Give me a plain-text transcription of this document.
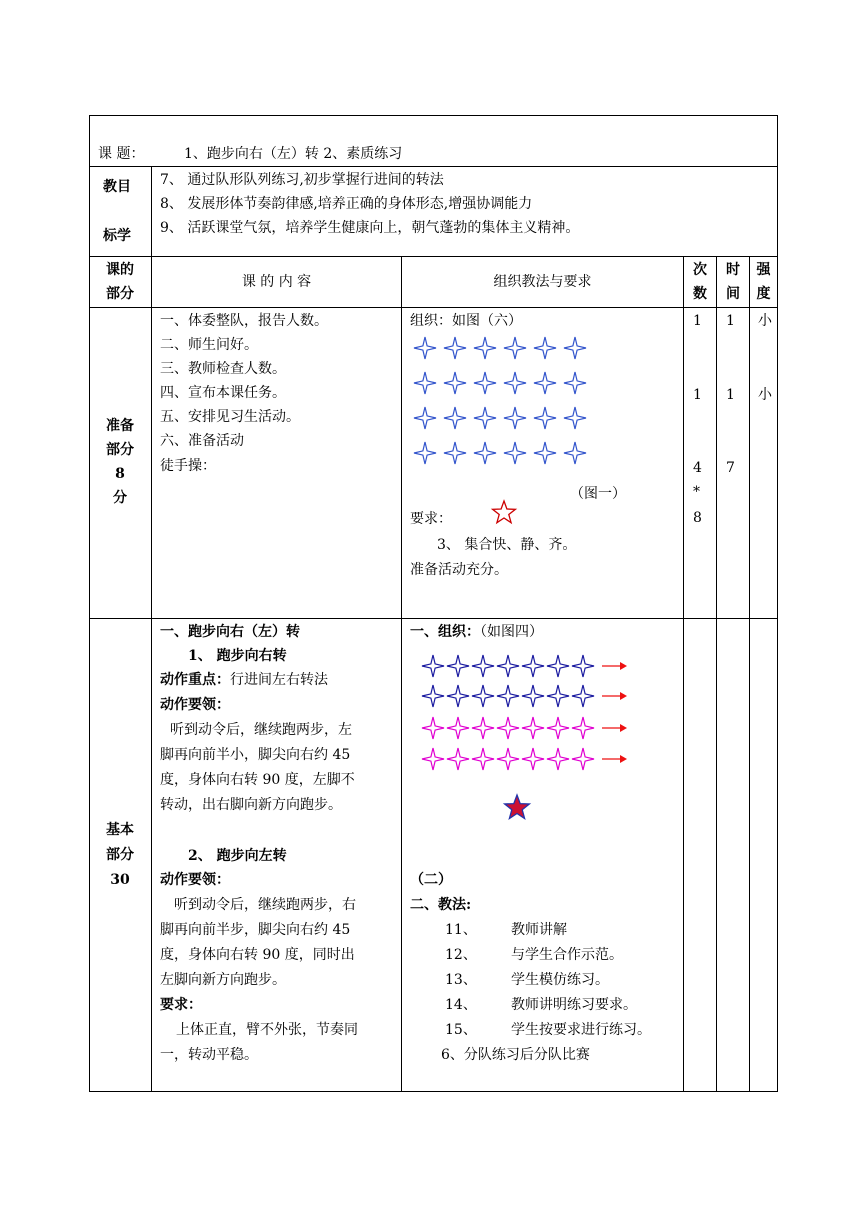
课 题：	1、跑步向右（左）转 2、素质练习
教目
标学
7、 通过队形队列练习,初步掌握行进间的转法
8、 发展形体节奏韵律感,培养正确的身体形态,增强协调能力
9、 活跃课堂气氛，培养学生健康向上，朝气蓬勃的集体主义精神。
课的
部分
课 的 内 容	组织教法与要求
次
数
时
间
强
度
准备
部分
8
分
一、体委整队，报告人数。
二、师生问好。
三、教师检查人数。
四、宣布本课任务。
五、安排见习生活动。
六、准备活动
徒手操：
组织：如图（六）
（图一）
要求：
3、 集合快、静、齐。
准备活动充分。
1
1
4
*
8
1
1
7
小
小
基本
部分
30
一、跑步向右（左）转
1、 跑步向右转
动作重点：行进间左右转法
动作要领：
听到动令后，继续跑两步，左
脚再向前半小，脚尖向右约 45
度，身体向右转 90 度，左脚不
转动，出右脚向新方向跑步。
2、 跑步向左转
动作要领：
听到动令后，继续跑两步，右
脚再向前半步，脚尖向右约 45
度，身体向右转 90 度，同时出
左脚向新方向跑步。
要求：
上体正直，臂不外张，节奏同
一，转动平稳。
一、组织：（如图四）
（二）
二、教法:
11、 教师讲解
12、 与学生合作示范。
13、 学生模仿练习。
14、 教师讲明练习要求。
15、 学生按要求进行练习。
6、分队练习后分队比赛
